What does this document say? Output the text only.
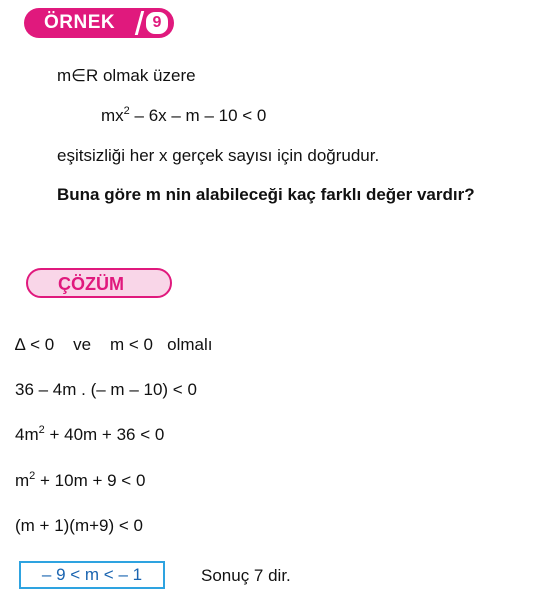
ÖRNEK	9
m∈R olmak üzere
$mx^2 - 6x - m - 10 < 0$
eşitsizliği her x gerçek sayısı için doğrudur.
Buna göre m nin alabileceği kaç farklı değer vardır?
ÇÖZÜM
∆ < 0    ve    m < 0   olmalı
36 – 4m . (– m – 10) < 0
$4m^2 + 40m + 36 < 0$
$m^2 + 10m + 9 < 0$
(m + 1)(m+9) < 0
– 9 < m < – 1	Sonuç 7 dir.
